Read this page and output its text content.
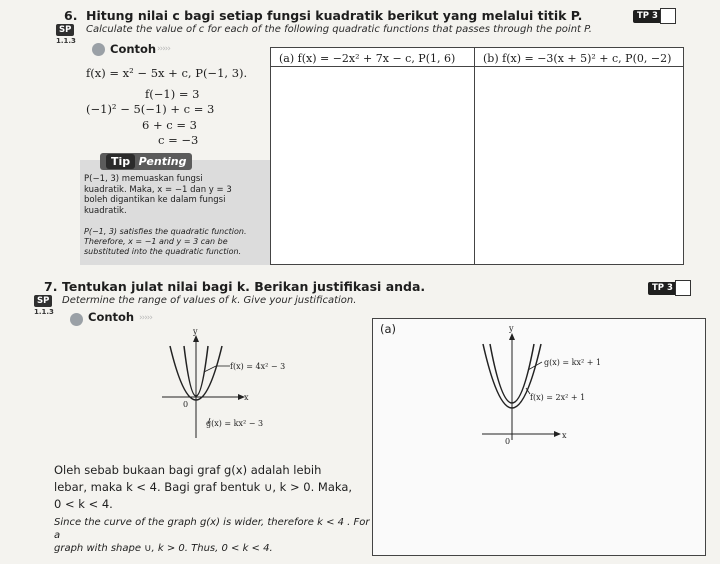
6. Hitung nilai c bagi setiap fungsi kuadratik berikut yang melalui titik P.
SP	Calculate the value of c for each of the following quadratic functions that passes through the point P.
1.1.3
TP 3
Contoh ›››››
f(x) = x² − 5x + c, P(−1, 3).
f(−1) = 3
(−1)² − 5(−1) + c = 3
6 + c = 3
c = −3
Tip Penting
P(−1, 3) memuaskan fungsi
kuadratik. Maka, x = −1 dan y = 3
boleh digantikan ke dalam fungsi
kuadratik.
P(−1, 3) satisfies the quadratic function.
Therefore, x = −1 and y = 3 can be
substituted into the quadratic function.
(a) f(x) = −2x² + 7x − c, P(1, 6)	(b) f(x) = −3(x + 5)² + c, P(0, −2)
7. Tentukan julat nilai bagi k. Berikan justifikasi anda.
SP	Determine the range of values of k. Give your justification.
1.1.3
TP 3
Contoh ›››››
y
x
0
f(x) = 4x² − 3
g(x) = kx² − 3
Oleh sebab bukaan bagi graf g(x) adalah lebih
lebar, maka k < 4. Bagi graf bentuk ∪, k > 0. Maka,
0 < k < 4.
Since the curve of the graph g(x) is wider, therefore k < 4 . For a
graph with shape ∪, k > 0. Thus, 0 < k < 4.
(a)	y
x
0
g(x) = kx² + 1
f(x) = 2x² + 1
